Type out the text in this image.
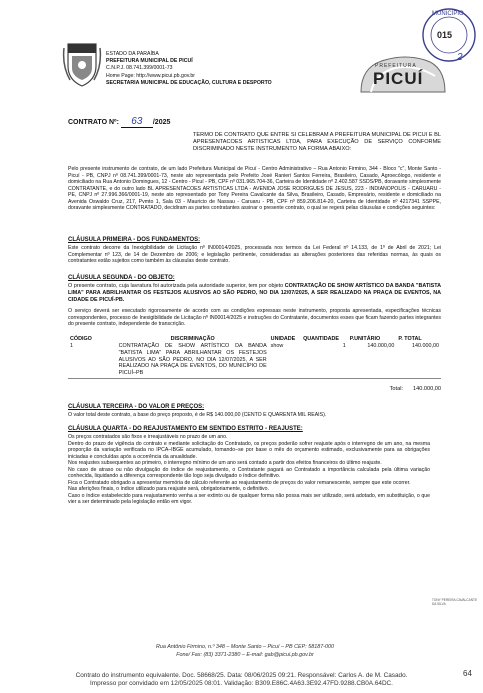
ESTADO DA PARAÍBA
PREFEITURA MUNICIPAL DE PICUÍ
C.N.P.J. 08.741.399/0001-73
Home Page: http://www.picui.pb.gov.br
SECRETARIA MUNICIPAL DE EDUCAÇÃO, CULTURA E DESPORTO
PREFEITURA
PICUÍ
MUNICÍPIO
015
2
CONTRATO Nº: 63 /2025

TERMO DE CONTRATO QUE ENTRE SI CELEBRAM A PREFEITURA MUNICIPAL DE PICUI E BL APRESENTACOES ARTISTICAS LTDA, PARA EXECUÇÃO DE SERVIÇO CONFORME DISCRIMINADO NESTE INSTRUMENTO NA FORMA ABAIXO:

Pelo presente instrumento de contrato, de um lado Prefeitura Municipal de Picuí - Centro Administrativo – Rua Antonio Firmino, 344 - Bloco "c", Monte Santo - Picuí - PB, CNPJ nº 08.741.399/0001-73, neste ato representada pelo Prefeito José Ranieri Santos Ferreira, Brasileiro, Casado, Agroecólogo, residente e domiciliado na Rua Antonio Domingues, 12 - Centro - Picuí - PB, CPF nº 031.965.704-36, Carteira de Identidade nº 2.402.587 SSDS/PB, doravante simplesmente CONTRATANTE, e do outro lado BL APRESENTACOES ARTISTICAS LTDA - AVENIDA JOSE RODRIGUES DE JESUS, 223 - INDIANOPOLIS - CARUARU - PE, CNPJ nº 27.996.366/0001-19, neste ato representado por Tony Pereira Cavalcante da Silva, Brasileiro, Casado, Empresário, residente e domiciliado na Avenida Oswaldo Cruz, 217, Pvmto 1, Sala 03 - Mauricio de Nassau - Caruaru - PB, CPF nº 859.206.814-20, Carteira de Identidade nº 4217341 SSPPE, doravante simplesmente CONTRATADO, decidiram as partes contratantes assinar o presente contrato, o qual se regerá pelas cláusulas e condições seguintes:

CLÁUSULA PRIMEIRA - DOS FUNDAMENTOS:

Este contrato decorre da Inexigibilidade de Licitação nº IN00014/2025, processada nos termos da Lei Federal nº 14.133, de 1º de Abril de 2021; Lei Complementar nº 123, de 14 de Dezembro de 2006; e legislação pertinente, consideradas as alterações posteriores das referidas normas, às quais os contratantes estão sujeitos como também às cláusulas deste contrato.

CLÁUSULA SEGUNDA - DO OBJETO:

O presente contrato, cuja lavratura foi autorizada pela autoridade superior, tem por objeto CONTRATAÇÃO DE SHOW ARTÍSTICO DA BANDA "BATISTA LIMA" PARA ABRILHANTAR OS FESTEJOS ALUSIVOS AO SÃO PEDRO, NO DIA 12/07/2025, A SER REALIZADO NA PRAÇA DE EVENTOS, NA CIDADE DE PICUÍ-PB.

O serviço deverá ser executado rigorosamente de acordo com as condições expressas neste instrumento, proposta apresentada, especificações técnicas correspondentes, processo de Inexigibilidade de Licitação nº IN00014/2025 e instruções do Contratante, documentos esses que ficam fazendo partes integrantes do presente contrato, independente de transcrição.

CÓDIGO	DISCRIMINAÇÃO	UNIDADE	QUANTIDADE	P.UNITÁRIO	P. TOTAL
1	CONTRATAÇÃO DE SHOW ARTÍSTICO DA BANDA "BATISTA LIMA" PARA ABRILHANTAR OS FESTEJOS ALUSIVOS AO SÃO PEDRO, NO DIA 12/07/2025, A SER REALIZADO NA PRAÇA DE EVENTOS, DO MUNICÍPIO DE PICUÍ–PB	show	1	140.000,00	140.000,00
Total: 140.000,00
CLÁUSULA TERCEIRA - DO VALOR E PREÇOS:

O valor total deste contrato, a base do preço proposto, é de R$ 140.000,00 (CENTO E QUARENTA MIL REAIS).

CLÁUSULA QUARTA - DO REAJUSTAMENTO EM SENTIDO ESTRITO - REAJUSTE:

Os preços contratados são fixos e irreajustáveis no prazo de um ano.

Dentro do prazo de vigência do contrato e mediante solicitação do Contratado, os preços poderão sofrer reajuste após o interregno de um ano, na mesma proporção da variação verificada no IPCA–IBGE acumulado, tomando–se por base o mês do orçamento estimado, exclusivamente para as obrigações iniciadas e concluídas após a ocorrência da anualidade.

Nos reajustes subsequentes ao primeiro, o interregno mínimo de um ano será contado a partir dos efeitos financeiros do último reajuste.

No caso de atraso ou não divulgação do índice de reajustamento, o Contratante pagará ao Contratado a importância calculada pela última variação conhecida, liquidando a diferença correspondente tão logo seja divulgado o índice definitivo.

Fica o Contratado obrigado a apresentar memória de cálculo referente ao reajustamento de preços do valor remanescente, sempre que este ocorrer.

Nas aferições finais, o índice utilizado para reajuste será, obrigatoriamente, o definitivo.

Caso o índice estabelecido para reajustamento venha a ser extinto ou de qualquer forma não possa mais ser utilizado, será adotado, em substituição, o que vier a ser determinado pela legislação então em vigor.

TONY PEREIRA CAVALCANTE DA SILVA
Rua Antônio Firmino, n.º 348 – Monte Santo – Picuí – PB CEP: 58187-000
Fone/ Fax: (83) 3371-2380 – E-mail: gab@picui.pb.gov.br
64
Contrato do instrumento equivalente. Doc. 58668/25. Data: 08/06/2025 09:21. Responsável: Carlos A. de M. Casado.
Impresso por convidado em 12/05/2025 08:01. Validação: B309.E86C.4A63.3E92.47FD.9288.CB0A.64DC.
